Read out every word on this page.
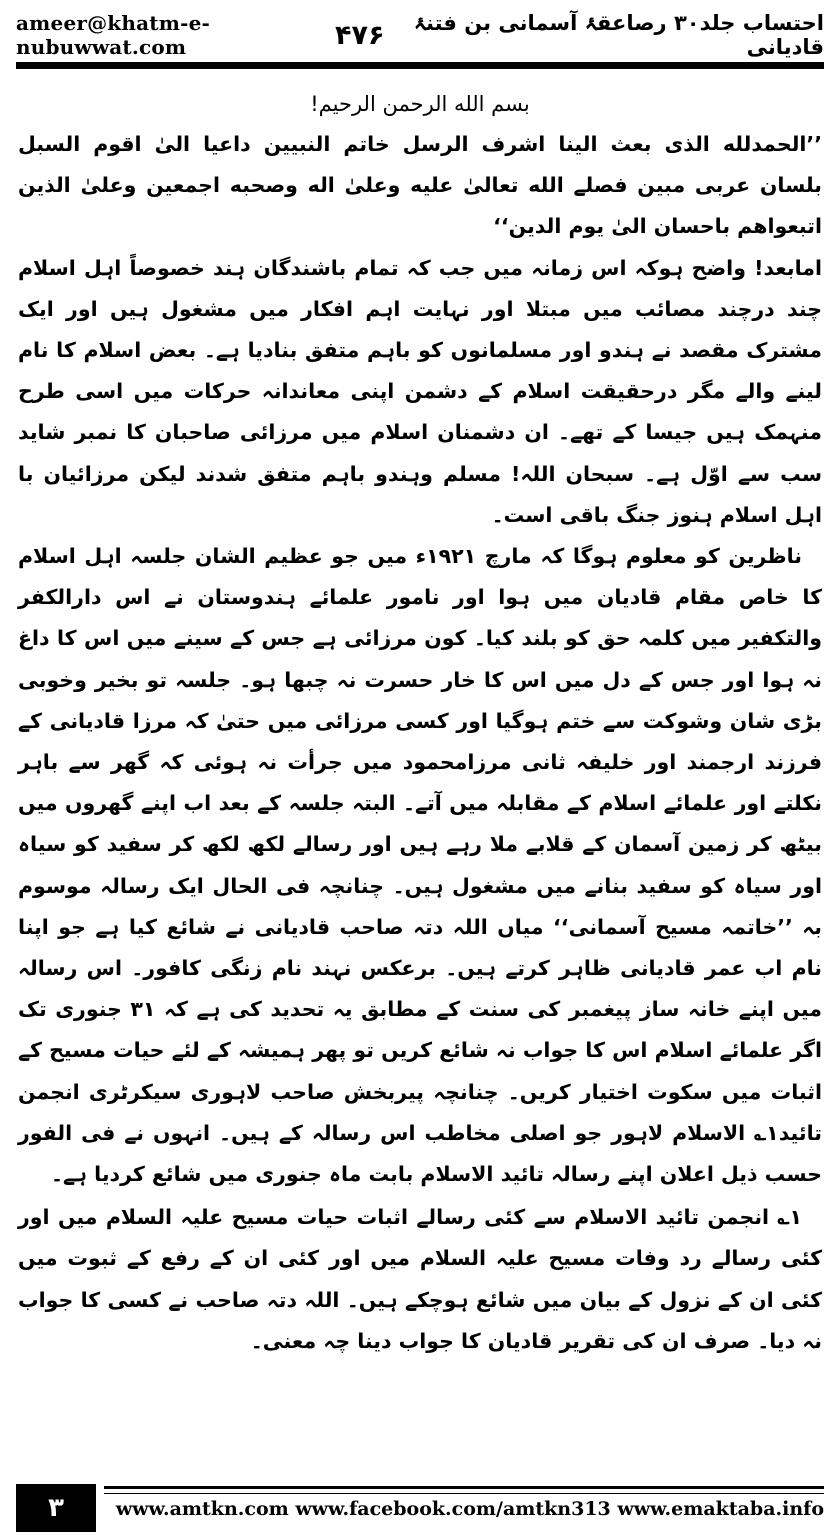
ameer@khatm-e-nubuwwat.com
احتساب جلد۳۰ رصاعقۂ آسمانی بن فتنۂ قادیانی
۴۷۶
بسم الله الرحمن الرحیم!

’’الحمدلله الذی بعث الینا اشرف الرسل خاتم النبیین داعیا الیٰ اقوم السبل بلسان عربی مبین فصلے الله تعالیٰ علیه وعلیٰ اله وصحبه اجمعین وعلیٰ الذین اتبعواهم باحسان الیٰ یوم الدین‘‘

امابعد! واضح ہوکہ اس زمانہ میں جب کہ تمام باشندگان ہند خصوصاً اہل اسلام چند درچند مصائب میں مبتلا اور نہایت اہم افکار میں مشغول ہیں اور ایک مشترک مقصد نے ہندو اور مسلمانوں کو باہم متفق بنادیا ہے۔ بعض اسلام کا نام لینے والے مگر درحقیقت اسلام کے دشمن اپنی معاندانہ حرکات میں اسی طرح منہمک ہیں جیسا کے تھے۔ ان دشمنان اسلام میں مرزائی صاحبان کا نمبر شاید سب سے اوّل ہے۔ سبحان اللہ! مسلم وہندو باہم متفق شدند لیکن مرزائیان با اہل اسلام ہنوز جنگ باقی است۔

ناظرین کو معلوم ہوگا کہ مارچ ۱۹۲۱ء میں جو عظیم الشان جلسہ اہل اسلام کا خاص مقام قادیان میں ہوا اور نامور علمائے ہندوستان نے اس دارالکفر والتکفیر میں کلمہ حق کو بلند کیا۔ کون مرزائی ہے جس کے سینے میں اس کا داغ نہ ہوا اور جس کے دل میں اس کا خار حسرت نہ چبھا ہو۔ جلسہ تو بخیر وخوبی بڑی شان وشوکت سے ختم ہوگیا اور کسی مرزائی میں حتیٰ کہ مرزا قادیانی کے فرزند ارجمند اور خلیفہ ثانی مرزامحمود میں جرأت نہ ہوئی کہ گھر سے باہر نکلتے اور علمائے اسلام کے مقابلہ میں آتے۔ البتہ جلسہ کے بعد اب اپنے گھروں میں بیٹھ کر زمین آسمان کے قلابے ملا رہے ہیں اور رسالے لکھ لکھ کر سفید کو سیاہ اور سیاہ کو سفید بنانے میں مشغول ہیں۔ چنانچہ فی الحال ایک رسالہ موسوم بہ ’’خاتمہ مسیح آسمانی‘‘ میاں اللہ دتہ صاحب قادیانی نے شائع کیا ہے جو اپنا نام اب عمر قادیانی ظاہر کرتے ہیں۔ برعکس نہند نام زنگی کافور۔ اس رسالہ میں اپنے خانہ ساز پیغمبر کی سنت کے مطابق یہ تحدید کی ہے کہ ۳۱ جنوری تک اگر علمائے اسلام اس کا جواب نہ شائع کریں تو پھر ہمیشہ کے لئے حیات مسیح کے اثبات میں سکوت اختیار کریں۔ چنانچہ پیربخش صاحب لاہوری سیکرٹری انجمن تائید۱؎ الاسلام لاہور جو اصلی مخاطب اس رسالہ کے ہیں۔ انہوں نے فی الفور حسب ذیل اعلان اپنے رسالہ تائید الاسلام بابت ماہ جنوری میں شائع کردیا ہے۔

۱؎ انجمن تائید الاسلام سے کئی رسالے اثبات حیات مسیح علیہ السلام میں اور کئی رسالے رد وفات مسیح علیہ السلام میں اور کئی ان کے رفع کے ثبوت میں کئی ان کے نزول کے بیان میں شائع ہوچکے ہیں۔ اللہ دتہ صاحب نے کسی کا جواب نہ دیا۔ صرف ان کی تقریر قادیان کا جواب دینا چہ معنی۔

۳	www.amtkn.com www.facebook.com/amtkn313 www.emaktaba.info
